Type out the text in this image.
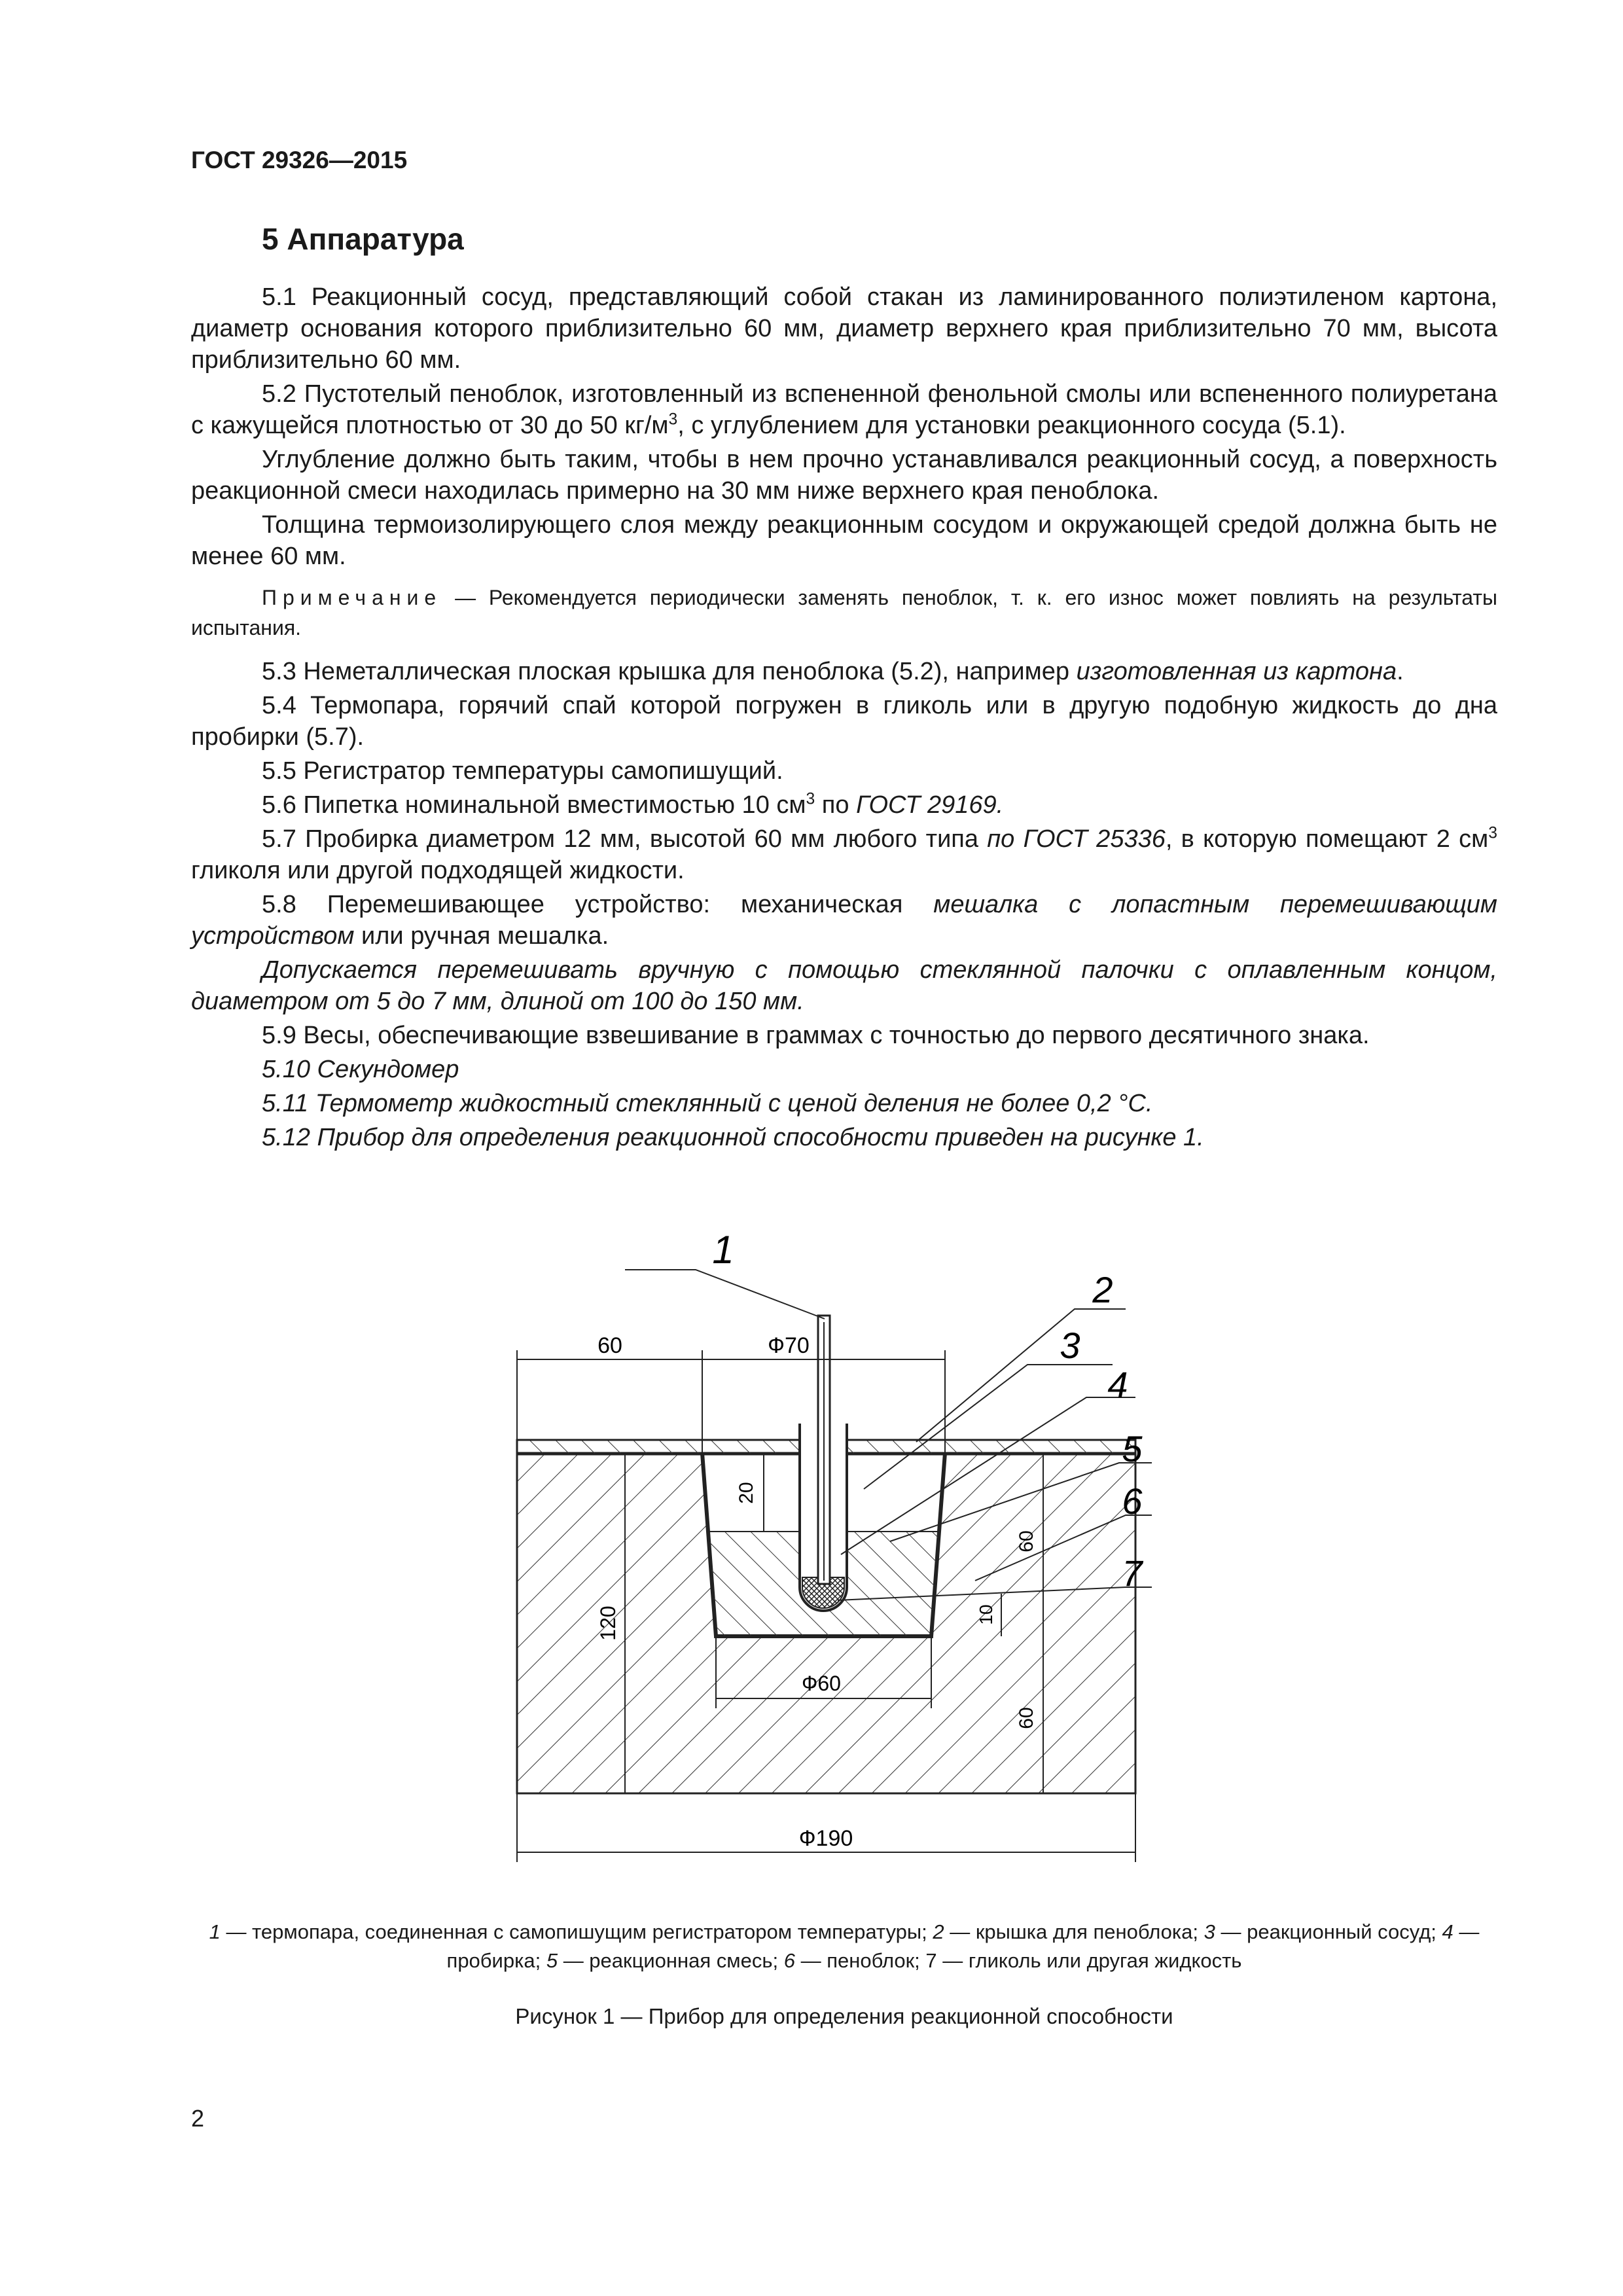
ГОСТ 29326—2015
5 Аппаратура

5.1 Реакционный сосуд, представляющий собой стакан из ламинированного полиэтиленом картона, диаметр основания которого приблизительно 60 мм, диаметр верхнего края приблизительно 70 мм, высота приблизительно 60 мм.

5.2 Пустотелый пеноблок, изготовленный из вспененной фенольной смолы или вспененного полиуретана с кажущейся плотностью от 30 до 50 $кг/м^3$, с углублением для установки реакционного сосуда (5.1).

Углубление должно быть таким, чтобы в нем прочно устанавливался реакционный сосуд, а поверхность реакционной смеси находилась примерно на 30 мм ниже верхнего края пеноблока.

Толщина термоизолирующего слоя между реакционным сосудом и окружающей средой должна быть не менее 60 мм.

Примечание — Рекомендуется периодически заменять пеноблок, т. к. его износ может повлиять на результаты испытания.

5.3 Неметаллическая плоская крышка для пеноблока (5.2), например изготовленная из картона.

5.4 Термопара, горячий спай которой погружен в гликоль или в другую подобную жидкость до дна пробирки (5.7).

5.5 Регистратор температуры самопишущий.

5.6 Пипетка номинальной вместимостью 10 $см^3$ по ГОСТ 29169.

5.7 Пробирка диаметром 12 мм, высотой 60 мм любого типа по ГОСТ 25336, в которую помещают 2 $см^3$ гликоля или другой подходящей жидкости.

5.8 Перемешивающее устройство: механическая мешалка с лопастным перемешивающим устройством или ручная мешалка.

Допускается перемешивать вручную с помощью стеклянной палочки с оплавленным концом, диаметром от 5 до 7 мм, длиной от 100 до 150 мм.

5.9 Весы, обеспечивающие взвешивание в граммах с точностью до первого десятичного знака.

5.10 Секундомер

5.11 Термометр жидкостный стеклянный с ценой деления не более 0,2 °С.

5.12 Прибор для определения реакционной способности приведен на рисунке 1.

60	Ф70
20
120
60
10
Ф60
60
Ф190
1
2
3
4
5
6
7
1 — термопара, соединенная с самопишущим регистратором температуры; 2 — крышка для пеноблока; 3 — реакционный сосуд; 4 — пробирка; 5 — реакционная смесь; 6 — пеноблок; 7 — гликоль или другая жидкость
Рисунок 1 — Прибор для определения реакционной способности
2
